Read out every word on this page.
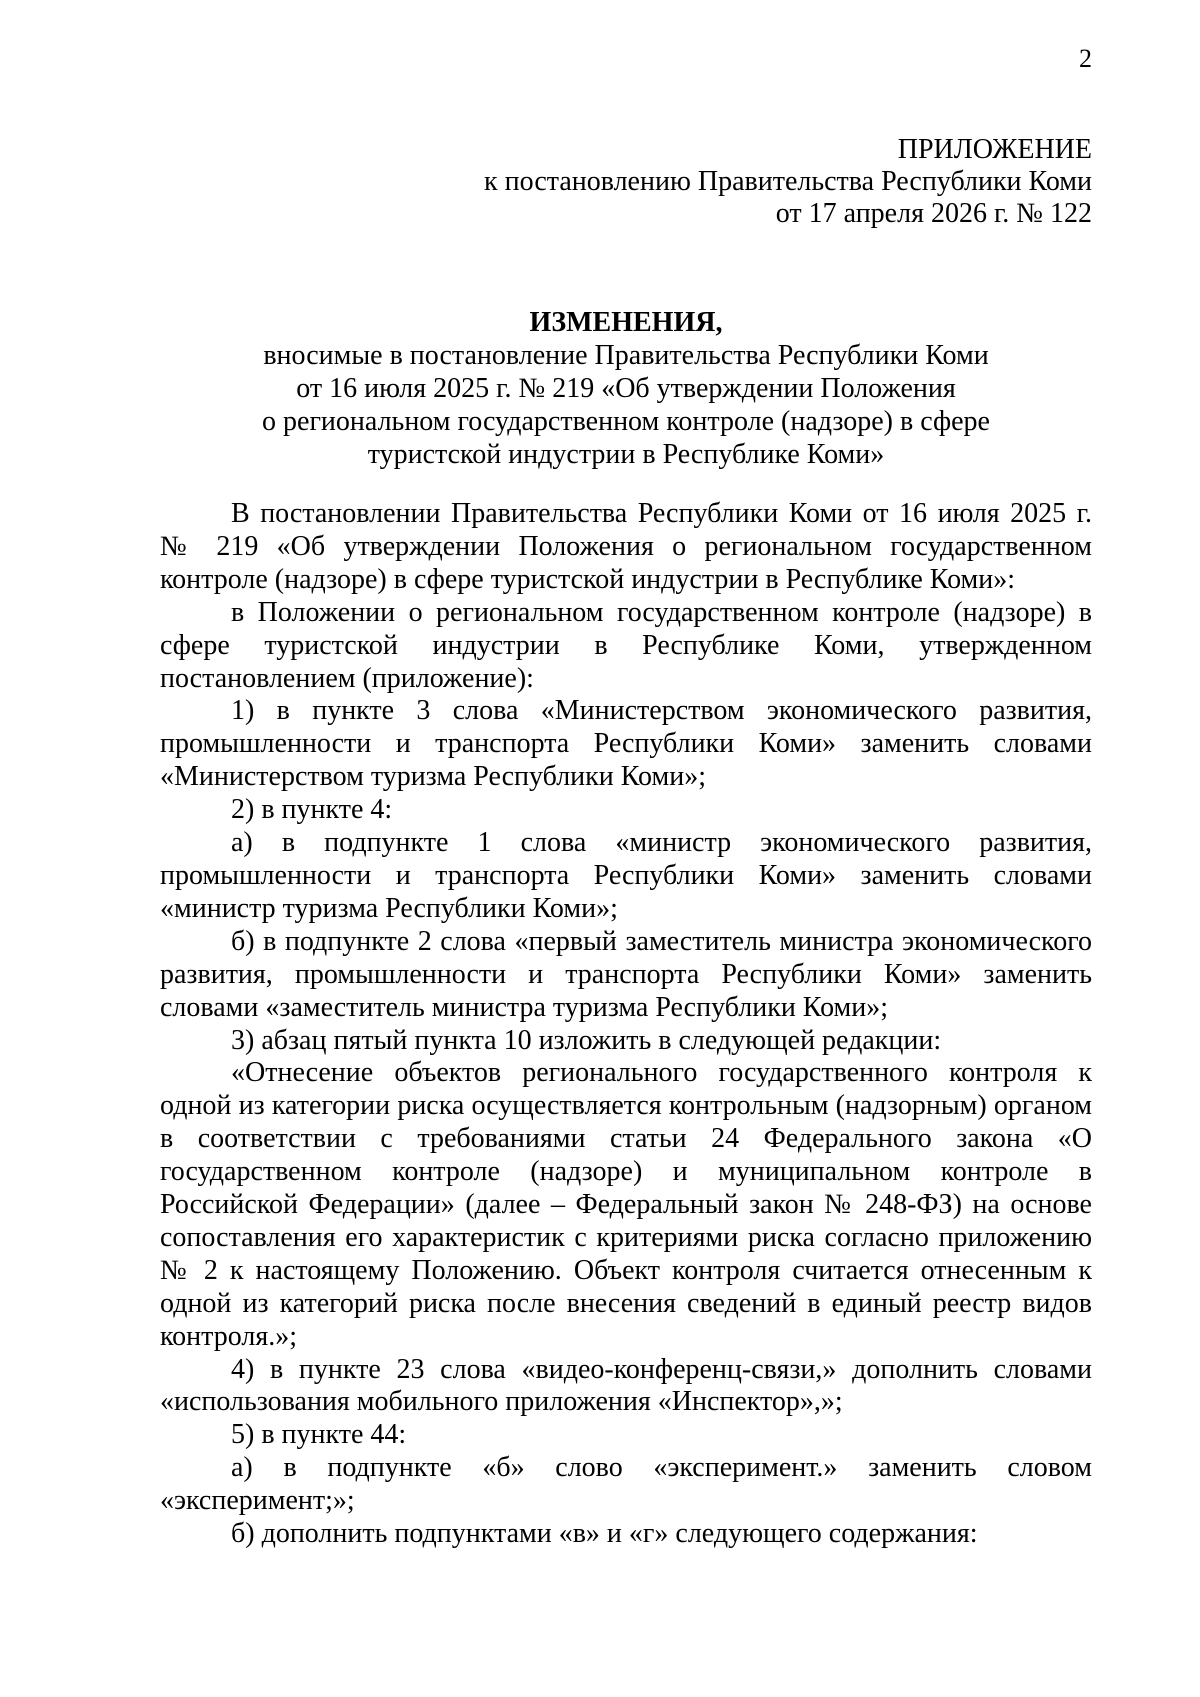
2
ПРИЛОЖЕНИЕ
к постановлению Правительства Республики Коми
от 17 апреля 2026 г. № 122
ИЗМЕНЕНИЯ,
вносимые в постановление Правительства Республики Коми
от 16 июля 2025 г. № 219 «Об утверждении Положения
о региональном государственном контроле (надзоре) в сфере
туристской индустрии в Республике Коми»

В постановлении Правительства Республики Коми от 16 июля 2025 г. № 219 «Об утверждении Положения о региональном государственном контроле (надзоре) в сфере туристской индустрии в Республике Коми»:

в Положении о региональном государственном контроле (надзоре) в сфере туристской индустрии в Республике Коми, утвержденном постановлением (приложение):

1) в пункте 3 слова «Министерством экономического развития, промышленности и транспорта Республики Коми» заменить словами «Министерством туризма Республики Коми»;

2) в пункте 4:

а) в подпункте 1 слова «министр экономического развития, промышленности и транспорта Республики Коми» заменить словами «министр туризма Республики Коми»;

б) в подпункте 2 слова «первый заместитель министра экономического развития, промышленности и транспорта Республики Коми» заменить словами «заместитель министра туризма Республики Коми»;

3) абзац пятый пункта 10 изложить в следующей редакции:

«Отнесение объектов регионального государственного контроля к одной из категории риска осуществляется контрольным (надзорным) органом в соответствии с требованиями статьи 24 Федерального закона «О государственном контроле (надзоре) и муниципальном контроле в Российской Федерации» (далее – Федеральный закон № 248-ФЗ) на основе сопоставления его характеристик с критериями риска согласно приложению № 2 к настоящему Положению. Объект контроля считается отнесенным к одной из категорий риска после внесения сведений в единый реестр видов контроля.»;

4) в пункте 23 слова «видео-конференц-связи,» дополнить словами «использования мобильного приложения «Инспектор»,»;

5) в пункте 44:

а) в подпункте «б» слово «эксперимент.» заменить словом «эксперимент;»;

б) дополнить подпунктами «в» и «г» следующего содержания:
